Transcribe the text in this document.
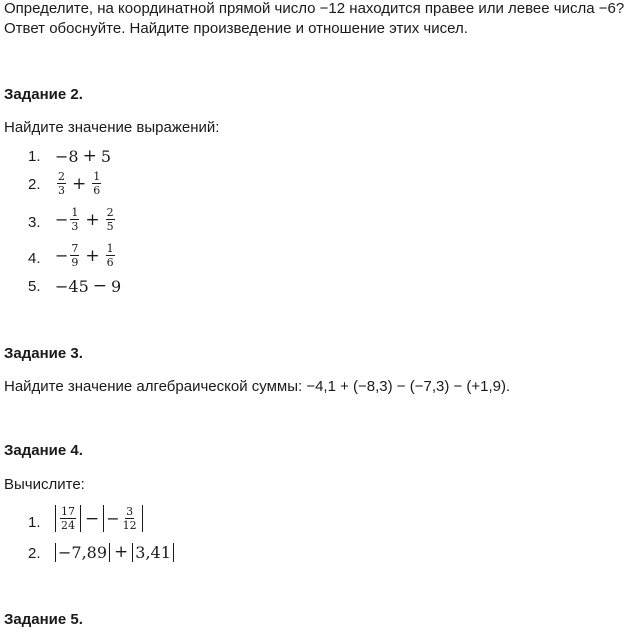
Определите, на координатной прямой число −12 находится правее или левее числа −6?
Ответ обоснуйте. Найдите произведение и отношение этих чисел.
Задание 2.
Найдите значение выражений:
1. −8 + 5
2. $\frac{2}{3} + \frac{1}{6}$
3. − $\frac{1}{3} + \frac{2}{5}$
4. − $\frac{7}{9} + \frac{1}{6}$
5. −45 − 9
Задание 3.
Найдите значение алгебраической суммы: −4,1 + (−8,3) − (−7,3) − (+1,9).
Задание 4.
Вычислите:
1. $\frac{17}{24}$ − − $\frac{3}{12}$
2. −7,89 + 3,41
Задание 5.
